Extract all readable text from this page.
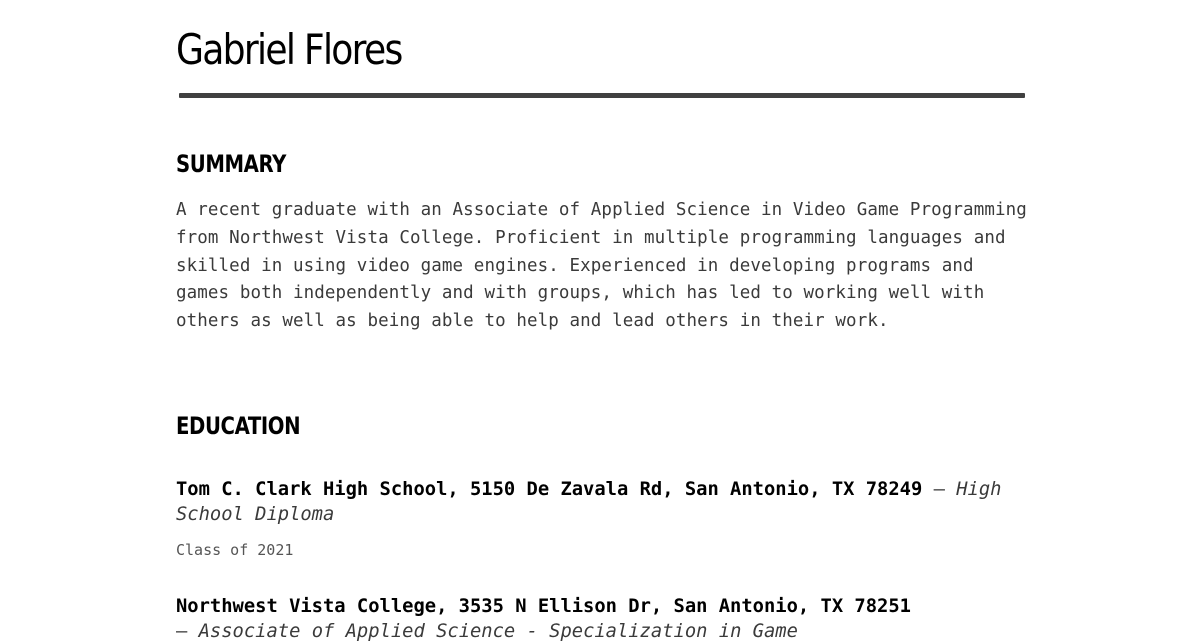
Gabriel Flores
SUMMARY

A recent graduate with an Associate of Applied Science in Video Game Programming from Northwest Vista College. Proficient in multiple programming languages and skilled in using video game engines. Experienced in developing programs and games both independently and with groups, which has led to working well with others as well as being able to help and lead others in their work.

EDUCATION

Tom C. Clark High School, 5150 De Zavala Rd, San Antonio, TX 78249 — High School Diploma

Class of 2021

Northwest Vista College, 3535 N Ellison Dr, San Antonio, TX 78251
— Associate of Applied Science - Specialization in Game
